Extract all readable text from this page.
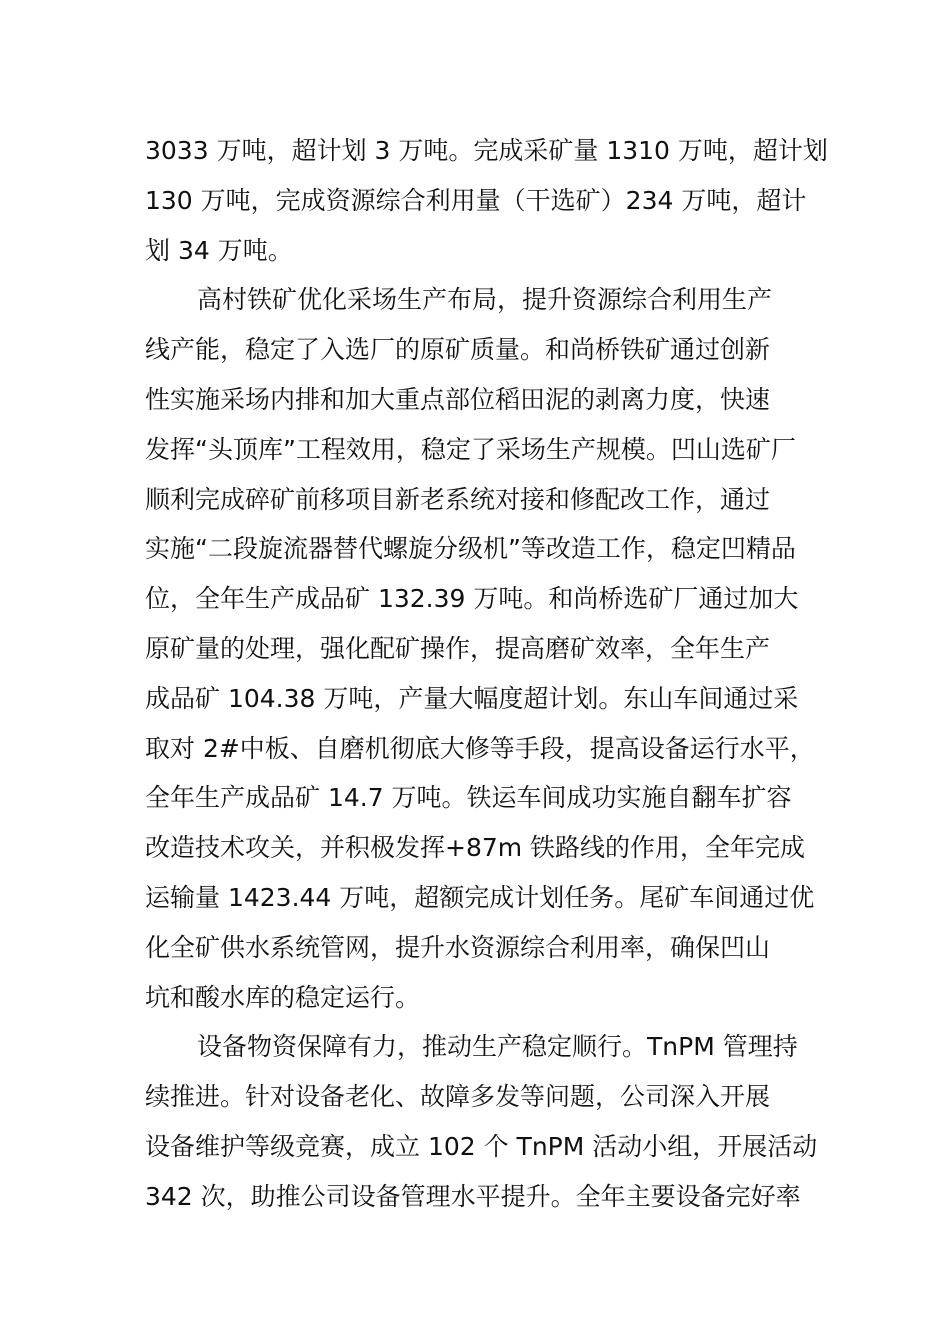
3033 万吨，超计划 3 万吨。完成采矿量 1310 万吨，超计划
130 万吨，完成资源综合利用量（干选矿）234 万吨，超计
划 34 万吨。
高村铁矿优化采场生产布局，提升资源综合利用生产
线产能，稳定了入选厂的原矿质量。和尚桥铁矿通过创新
性实施采场内排和加大重点部位稻田泥的剥离力度，快速
发挥“头顶库”工程效用，稳定了采场生产规模。凹山选矿厂
顺利完成碎矿前移项目新老系统对接和修配改工作，通过
实施“二段旋流器替代螺旋分级机”等改造工作，稳定凹精品
位，全年生产成品矿 132.39 万吨。和尚桥选矿厂通过加大
原矿量的处理，强化配矿操作，提高磨矿效率，全年生产
成品矿 104.38 万吨，产量大幅度超计划。东山车间通过采
取对 2#中板、自磨机彻底大修等手段，提高设备运行水平，
全年生产成品矿 14.7 万吨。铁运车间成功实施自翻车扩容
改造技术攻关，并积极发挥+87m 铁路线的作用，全年完成
运输量 1423.44 万吨，超额完成计划任务。尾矿车间通过优
化全矿供水系统管网，提升水资源综合利用率，确保凹山
坑和酸水库的稳定运行。
设备物资保障有力，推动生产稳定顺行。TnPM 管理持
续推进。针对设备老化、故障多发等问题，公司深入开展
设备维护等级竞赛，成立 102 个 TnPM 活动小组，开展活动
342 次，助推公司设备管理水平提升。全年主要设备完好率
